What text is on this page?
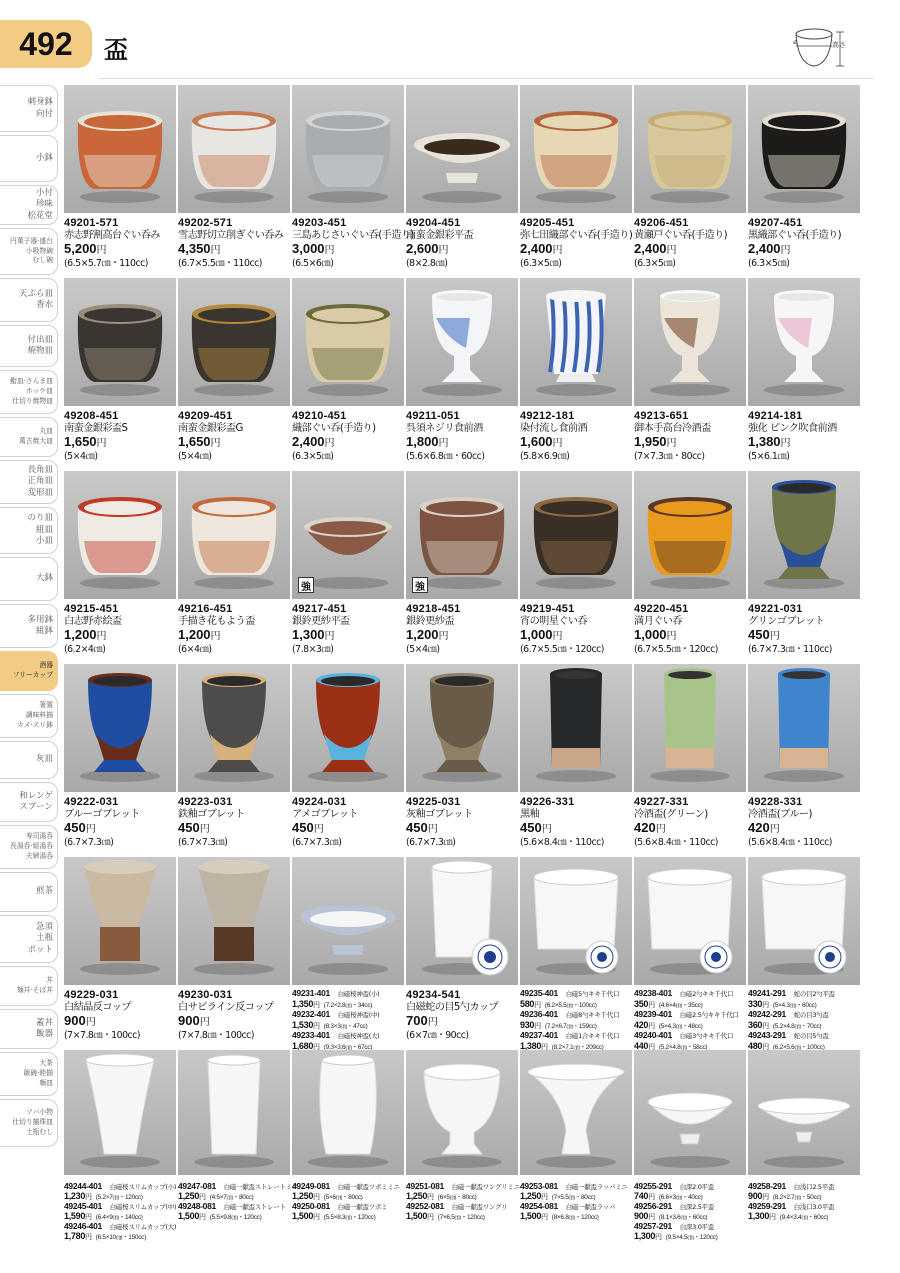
492 盃	⌀	高さ
刺身鉢
向付
小鉢
小付
珍味
松花堂
円菓子器·盛台
小吸物碗
むし碗
天ぷら皿
香水
付出皿
焼物皿
鮨皿·さんま皿
ホッケ皿
仕切り焼物皿
丸皿
萬古焼大皿
長角皿
正角皿
変形皿
のり皿
組皿
小皿
大鉢
多用鉢
組鉢
酒器
フリーカップ
箸置
調味料揃
カメ·スリ鉢
灰皿
和レンゲ
スプーン
寿司湯呑
長湯呑·組湯呑
夫婦湯呑
煎茶
急須
土瓶
ポット
丼
麺丼·そば丼
蓋丼
飯器
大茶
飯碗·睦揃
麺皿
ソバ小物
仕切り揃珠皿
土瓶むし
49201-571
赤志野割高台ぐい呑み
5,200円
(6.5×5.7㎝・110cc)
49202-571
雪志野切立削ぎぐい呑み
4,350円
(6.7×5.5㎝・110cc)
49203-451
三島あじさいぐい呑(手造り)
3,000円
(6.5×6㎝)
49204-451
南蛮金銀彩平盃
2,600円
(8×2.8㎝)
49205-451
弥七田織部ぐい呑(手造り)
2,400円
(6.3×5㎝)
49206-451
黄瀬戸ぐい呑(手造り)
2,400円
(6.3×5㎝)
49207-451
黒織部ぐい呑(手造り)
2,400円
(6.3×5㎝)
49208-451
南蛮金銀彩盃S
1,650円
(5×4㎝)
49209-451
南蛮金銀彩盃G
1,650円
(5×4㎝)
49210-451
織部ぐい呑(手造り)
2,400円
(6.3×5㎝)
49211-051
呉須ネジリ食前酒
1,800円
(5.6×6.8㎝・60cc)
49212-181
染付流し食前酒
1,600円
(5.8×6.9㎝)
49213-651
御本手高台冷酒盃
1,950円
(7×7.3㎝・80cc)
49214-181
強化 ピンク吹食前酒
1,380円
(5×6.1㎝)
49215-451
白志野赤絵盃
1,200円
(6.2×4㎝)
49216-451
手描き花もよう盃
1,200円
(6×4㎝)
強
49217-451
銀鈴更紗平盃
1,300円
(7.8×3㎝)
強
49218-451
銀鈴更紗盃
1,200円
(5×4㎝)
49219-451
宵の明星ぐい呑
1,000円
(6.7×5.5㎝・120cc)
49220-451
満月ぐい呑
1,000円
(6.7×5.5㎝・120cc)
49221-031
グリンゴブレット
450円
(6.7×7.3㎝・110cc)
49222-031
ブルーゴブレット
450円
(6.7×7.3㎝)
49223-031
鉄釉ゴブレット
450円
(6.7×7.3㎝)
49224-031
アメゴブレット
450円
(6.7×7.3㎝)
49225-031
灰釉ゴブレット
450円
(6.7×7.3㎝)
49226-331
黒釉
450円
(5.6×8.4㎝・110cc)
49227-331
冷酒盃(グリーン)
420円
(5.6×8.4㎝・110cc)
49228-331
冷酒盃(ブルー)
420円
(5.6×8.4㎝・110cc)
49229-031
白結晶反コップ
900円
(7×7.8㎝・100cc)
49230-031
白サビライン反コップ
900円
(7×7.8㎝・100cc)
49231-401 白磁桜神盃(小)
1,350円 (7.2×2.8㎝・34cc)
49232-401 白磁桜神盃(中)
1,530円 (8.3×3㎝・47cc)
49233-401 白磁桜神盃(大)
1,680円 (9.3×3.6㎝・67cc)
49234-541
白磁蛇の目5勺カップ
700円
(6×7㎝・90cc)
49235-401 白磁5勺キキ千代口
580円 (6.2×5.5㎝・100cc)
49236-401 白磁8勺キキ千代口
930円 (7.2×6.7㎝・159cc)
49237-401 白磁1合キキ千代口
1,380円 (8.2×7.1㎝・209cc)
49238-401 白磁2勺キキ千代口
350円 (4.6×4㎝・35cc)
49239-401 白磁2.5勺キキ千代口
420円 (5×4.3㎝・48cc)
49240-401 白磁3勺キキ千代口
440円 (5.2×4.8㎝・58cc)
49241-291 蛇の目2勺平盃
330円 (5×4.3㎝・60cc)
49242-291 蛇の目3勺盃
360円 (5.2×4.8㎝・70cc)
49243-291 蛇の目5勺盃
480円 (6.2×5.6㎝・100cc)
49244-401 白磁桜スリムカップ(小)
1,230円 (5.2×7㎝・120cc)
49245-401 白磁桜スリムカップ(中)
1,590円 (6.4×9㎝・140cc)
49246-401 白磁桜スリムカップ(大)
1,780円 (6.5×10㎝・150cc)
49247-081 白磁一献盃ストレートミニ
1,250円 (4.5×7㎝・80cc)
49248-081 白磁一献盃ストレート
1,500円 (5.5×9.8㎝・120cc)
49249-081 白磁一献盃ツボミミニ
1,250円 (5×6㎝・80cc)
49250-081 白磁一献盃ツボミ
1,500円 (5.5×8.3㎝・120cc)
49251-081 白磁一献盃ワングリミニ
1,250円 (6×5㎝・80cc)
49252-081 白磁一献盃ワングリ
1,500円 (7×6.5㎝・120cc)
49253-081 白磁一献盃ラッパミニ
1,250円 (7×5.5㎝・80cc)
49254-081 白磁一献盃ラッパ
1,500円 (8×6.8㎝・120cc)
49255-291 白深2.0平盃
740円 (6.6×3㎝・40cc)
49256-291 白深2.5平盃
900円 (8.1×3.6㎝・60cc)
49257-291 白深3.0平盃
1,300円 (9.5×4.5㎝・120cc)
49258-291 白浅口2.5平盃
900円 (8.2×2.7㎝・50cc)
49259-291 白浅口3.0平盃
1,300円 (9.4×3.4㎝・60cc)
